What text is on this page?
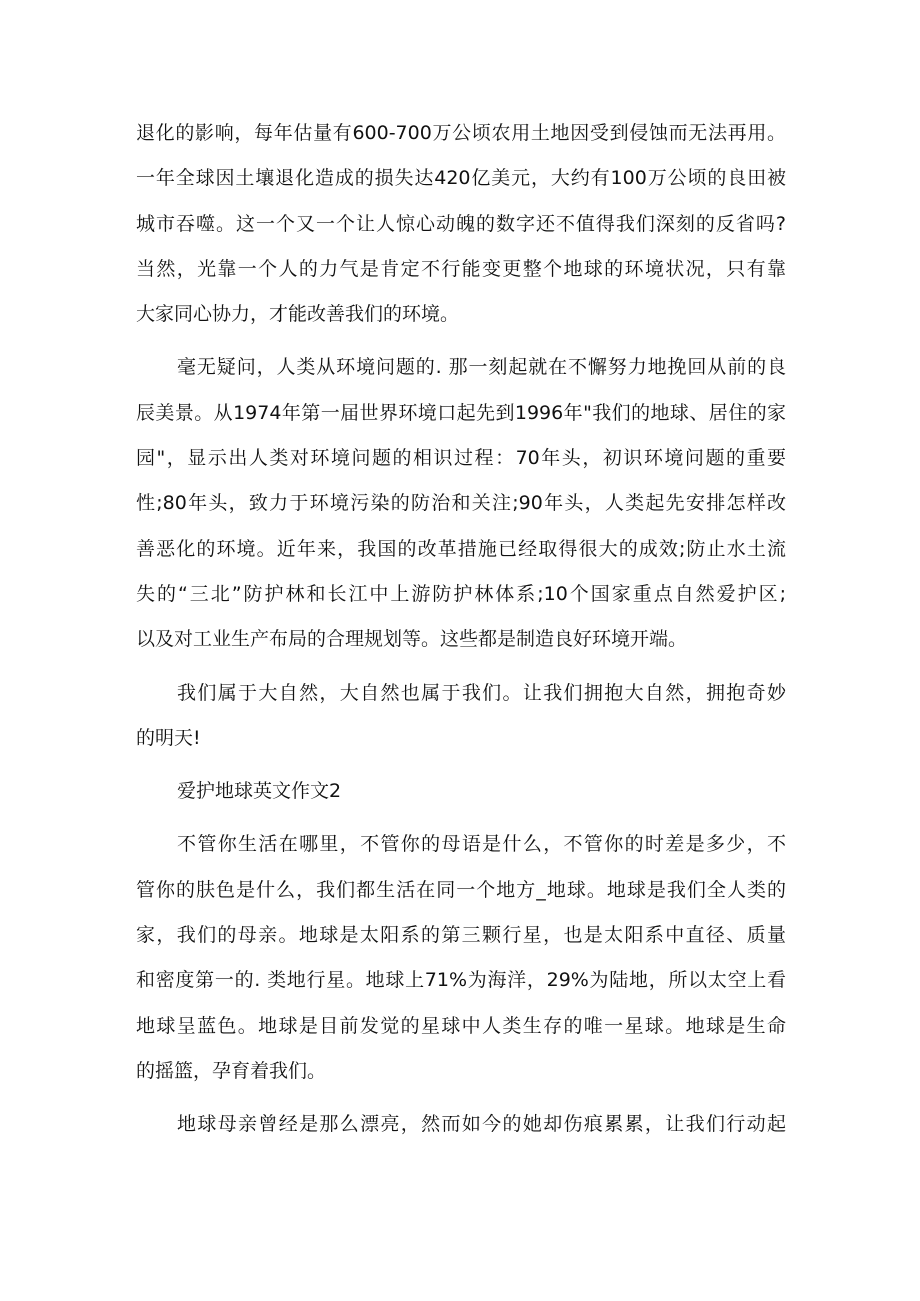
退化的影响，每年估量有600-700万公顷农用土地因受到侵蚀而无法再用。
一年全球因土壤退化造成的损失达420亿美元，大约有100万公顷的良田被
城市吞噬。这一个又一个让人惊心动魄的数字还不值得我们深刻的反省吗?
当然，光靠一个人的力气是肯定不行能变更整个地球的环境状况，只有靠
大家同心协力，才能改善我们的环境。
毫无疑问，人类从环境问题的. 那一刻起就在不懈努力地挽回从前的良
辰美景。从1974年第一届世界环境口起先到1996年"我们的地球、居住的家
园"，显示出人类对环境问题的相识过程：70年头，初识环境问题的重要
性;80年头，致力于环境污染的防治和关注;90年头，人类起先安排怎样改
善恶化的环境。近年来，我国的改革措施已经取得很大的成效;防止水土流
失的“三北”防护林和长江中上游防护林体系;10个国家重点自然爱护区;
以及对工业生产布局的合理规划等。这些都是制造良好环境开端。
我们属于大自然，大自然也属于我们。让我们拥抱大自然，拥抱奇妙
的明天!
爱护地球英文作文2
不管你生活在哪里，不管你的母语是什么，不管你的时差是多少，不
管你的肤色是什么，我们都生活在同一个地方_地球。地球是我们全人类的
家，我们的母亲。地球是太阳系的第三颗行星，也是太阳系中直径、质量
和密度第一的. 类地行星。地球上71%为海洋，29%为陆地，所以太空上看
地球呈蓝色。地球是目前发觉的星球中人类生存的唯一星球。地球是生命
的摇篮，孕育着我们。
地球母亲曾经是那么漂亮，然而如今的她却伤痕累累，让我们行动起
